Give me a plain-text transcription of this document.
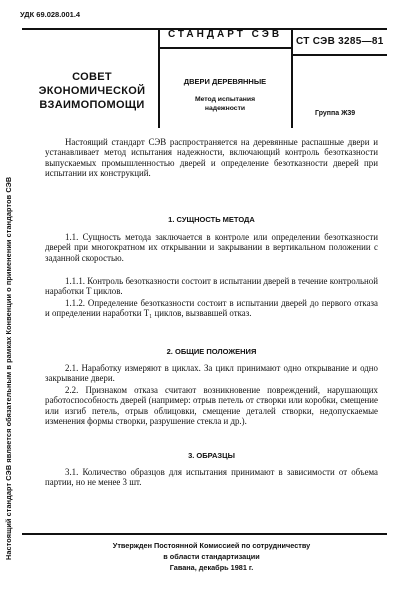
УДК 69.028.001.4
Настоящий стандарт СЭВ является обязательным в рамках Конвенции о применении стандартов СЭВ
СОВЕТ
ЭКОНОМИЧЕСКОЙ
ВЗАИМОПОМОЩИ
СТАНДАРТ СЭВ
ДВЕРИ ДЕРЕВЯННЫЕ
Метод испытания
надежности
СТ СЭВ 3285—81
Группа Ж39
Настоящий стандарт СЭВ распространяется на деревянные распашные двери и устанавливает метод испытания надежности, включающий контроль безотказности выпускаемых промышленностью дверей и определение безотказности дверей при испытании их конструкций.
1. СУЩНОСТЬ МЕТОДА
1.1. Сущность метода заключается в контроле или определении безотказности дверей при многократном их открывании и закрывании в вертикальном положении с заданной скоростью.
1.1.1. Контроль безотказности состоит в испытании дверей в течение контрольной наработки T циклов.
1.1.2. Определение безотказности состоит в испытании дверей до первого отказа и определении наработки T₁ циклов, вызвавшей отказ.
2. ОБЩИЕ ПОЛОЖЕНИЯ
2.1. Наработку измеряют в циклах. За цикл принимают одно открывание и одно закрывание двери.
2.2. Признаком отказа считают возникновение повреждений, нарушающих работоспособность дверей (например: отрыв петель от створки или коробки, смещение или изгиб петель, отрыв облицовки, смещение деталей створки, недопускаемые изменения формы створки, разрушение стекла и др.).
3. ОБРАЗЦЫ
3.1. Количество образцов для испытания принимают в зависимости от объема партии, но не менее 3 шт.
Утвержден Постоянной Комиссией по сотрудничеству
в области стандартизации
Гавана, декабрь 1981 г.
